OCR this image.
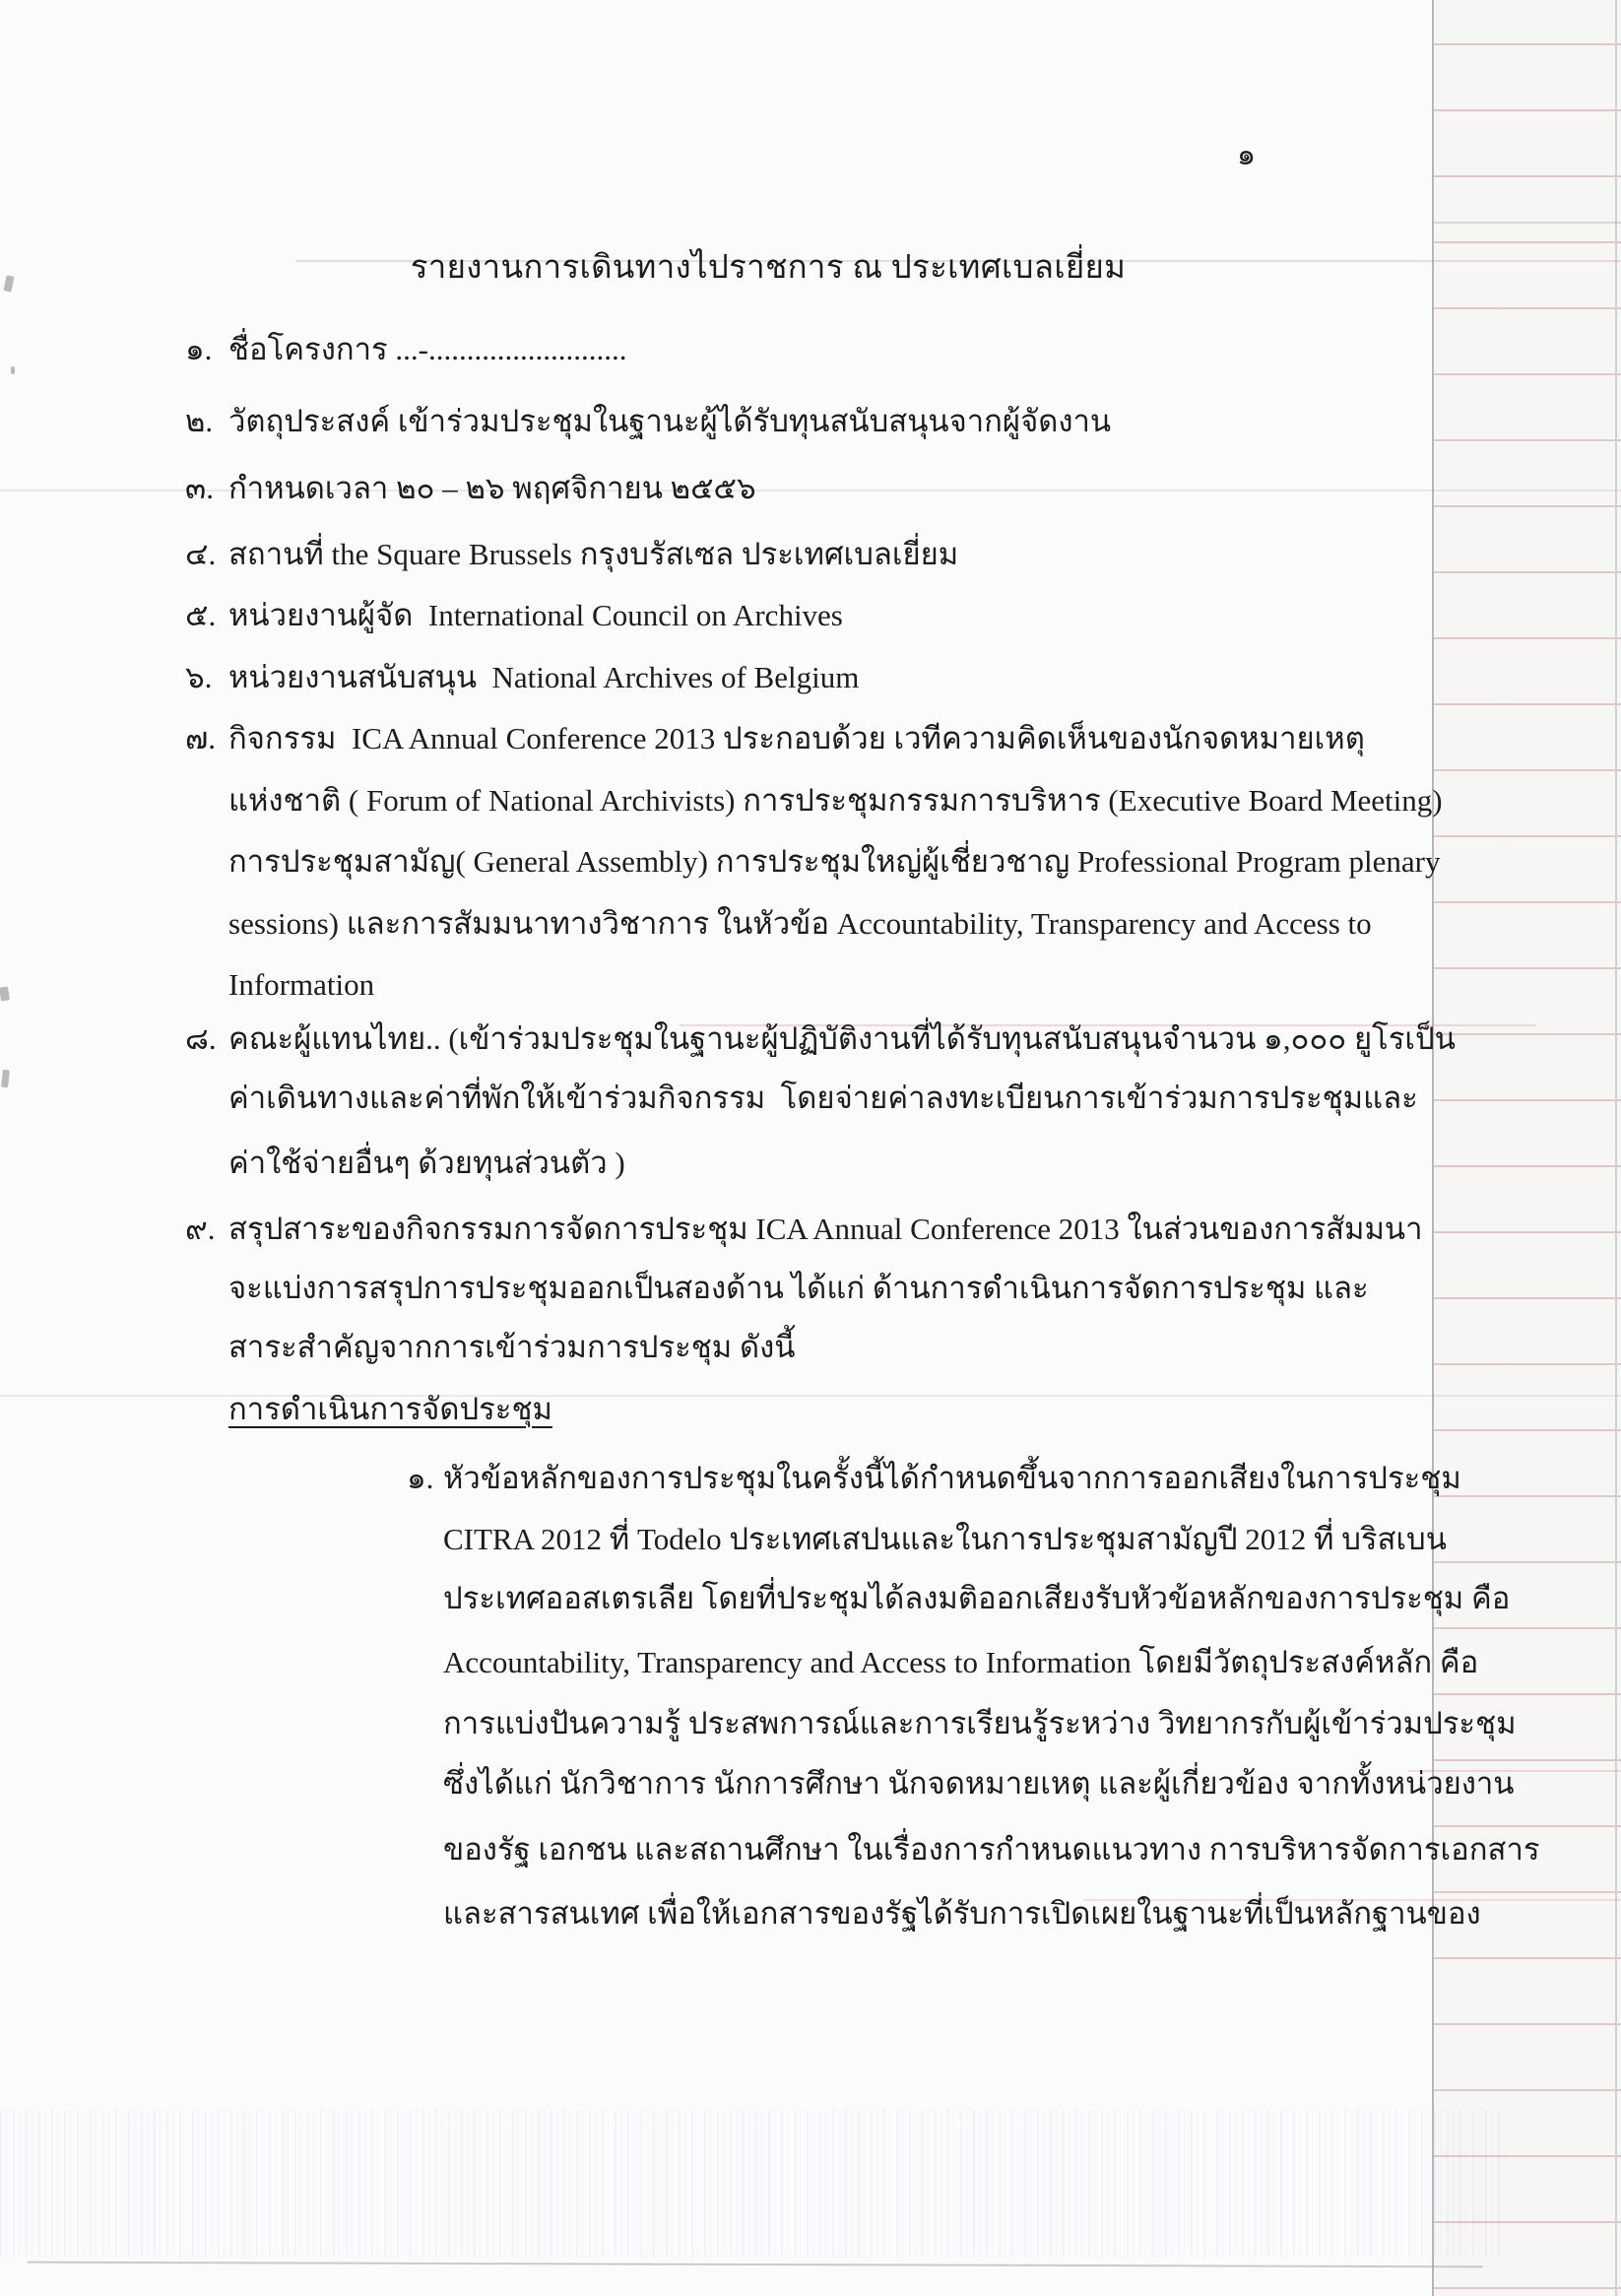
๑
รายงานการเดินทางไปราชการ ณ ประเทศเบลเยี่ยม
๑. ชื่อโครงการ ...-..........................
๒. วัตถุประสงค์ เข้าร่วมประชุมในฐานะผู้ได้รับทุนสนับสนุนจากผู้จัดงาน
๓. กำหนดเวลา ๒๐ – ๒๖ พฤศจิกายน ๒๕๕๖
๔. สถานที่ the Square Brussels กรุงบรัสเซล ประเทศเบลเยี่ยม
๕. หน่วยงานผู้จัด  International Council on Archives
๖. หน่วยงานสนับสนุน  National Archives of Belgium
๗. กิจกรรม  ICA Annual Conference 2013 ประกอบด้วย เวทีความคิดเห็นของนักจดหมายเหตุ
แห่งชาติ ( Forum of National Archivists) การประชุมกรรมการบริหาร (Executive Board Meeting)
การประชุมสามัญ( General Assembly) การประชุมใหญ่ผู้เชี่ยวชาญ Professional Program plenary
sessions) และการสัมมนาทางวิชาการ ในหัวข้อ Accountability, Transparency and Access to
Information
๘. คณะผู้แทนไทย.. (เข้าร่วมประชุมในฐานะผู้ปฏิบัติงานที่ได้รับทุนสนับสนุนจำนวน ๑,๐๐๐ ยูโรเป็น
ค่าเดินทางและค่าที่พักให้เข้าร่วมกิจกรรม  โดยจ่ายค่าลงทะเบียนการเข้าร่วมการประชุมและ
ค่าใช้จ่ายอื่นๆ ด้วยทุนส่วนตัว )
๙. สรุปสาระของกิจกรรมการจัดการประชุม ICA Annual Conference 2013 ในส่วนของการสัมมนา
จะแบ่งการสรุปการประชุมออกเป็นสองด้าน ได้แก่ ด้านการดำเนินการจัดการประชุม และ
สาระสำคัญจากการเข้าร่วมการประชุม ดังนี้
การดำเนินการจัดประชุม
๑. หัวข้อหลักของการประชุมในครั้งนี้ได้กำหนดขึ้นจากการออกเสียงในการประชุม
CITRA 2012 ที่ Todelo ประเทศเสปนและในการประชุมสามัญปี 2012 ที่ บริสเบน
ประเทศออสเตรเลีย โดยที่ประชุมได้ลงมติออกเสียงรับหัวข้อหลักของการประชุม คือ
Accountability, Transparency and Access to Information โดยมีวัตถุประสงค์หลัก คือ
การแบ่งปันความรู้ ประสพการณ์และการเรียนรู้ระหว่าง วิทยากรกับผู้เข้าร่วมประชุม
ซึ่งได้แก่ นักวิชาการ นักการศึกษา นักจดหมายเหตุ และผู้เกี่ยวข้อง จากทั้งหน่วยงาน
ของรัฐ เอกชน และสถานศึกษา ในเรื่องการกำหนดแนวทาง การบริหารจัดการเอกสาร
และสารสนเทศ เพื่อให้เอกสารของรัฐได้รับการเปิดเผยในฐานะที่เป็นหลักฐานของ
